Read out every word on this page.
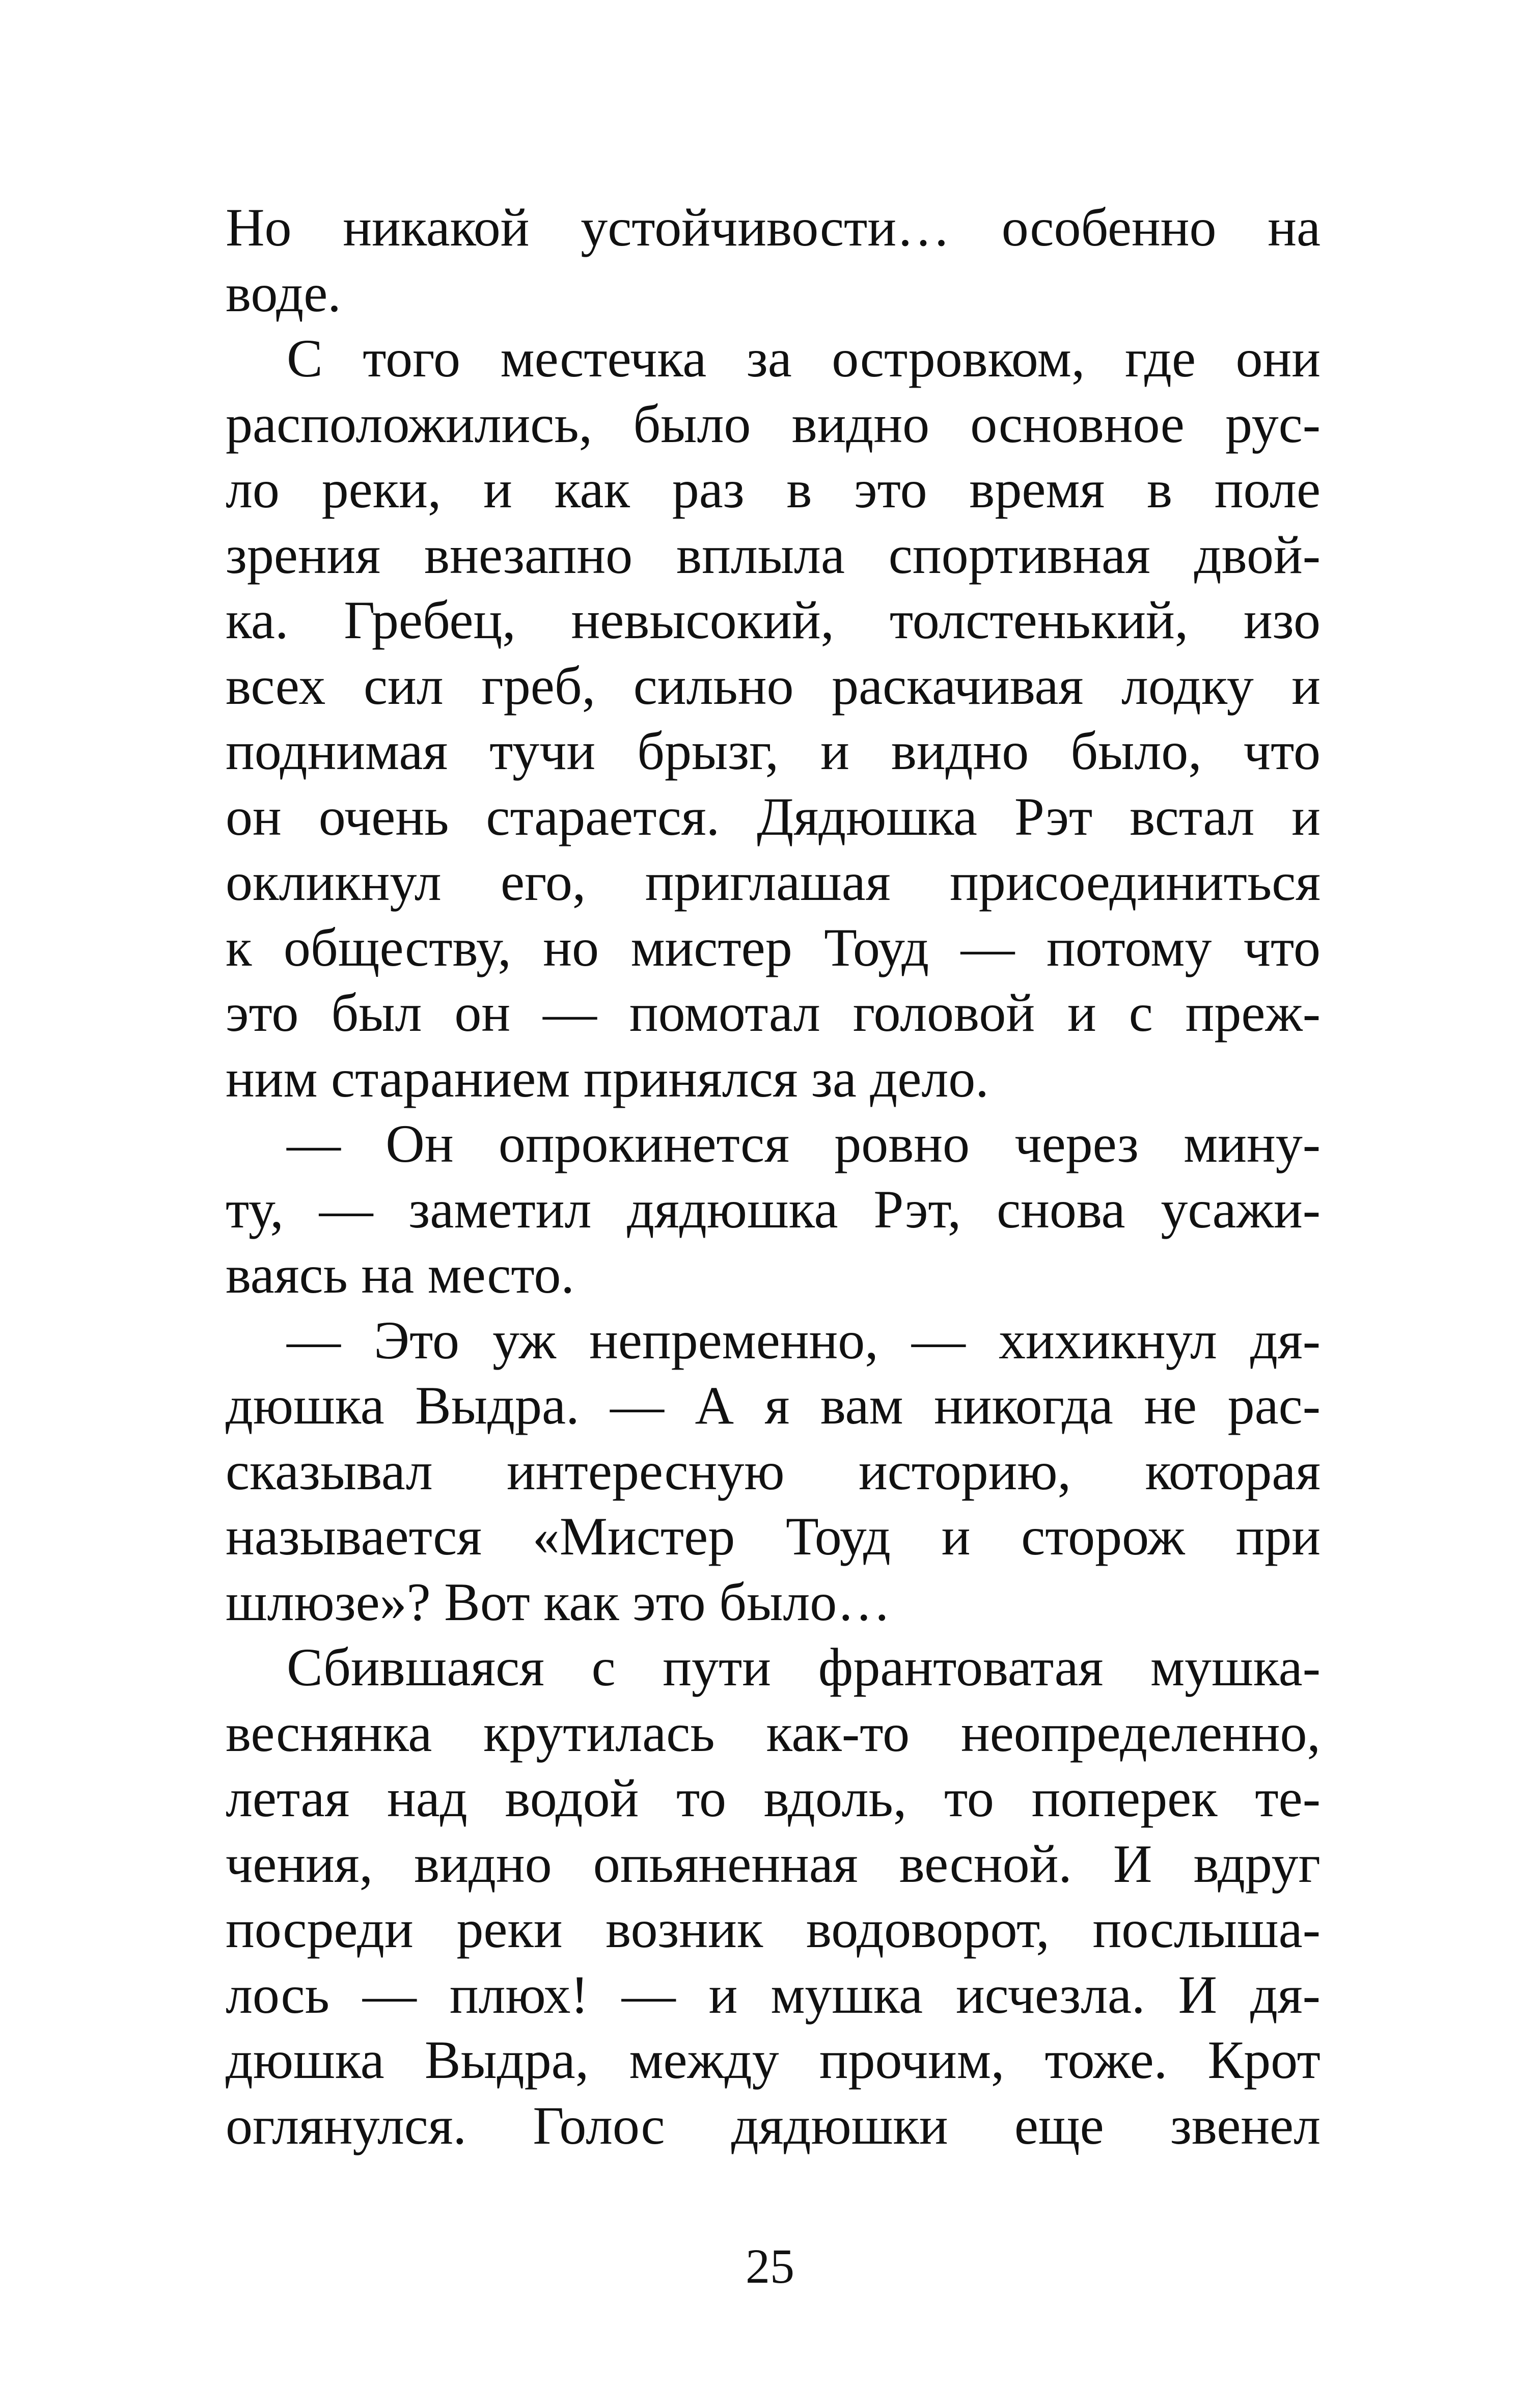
Но никакой устойчивости… особенно на
воде.
С того местечка за островком, где они
расположились, было видно основное рус-
ло реки, и как раз в это время в поле
зрения внезапно вплыла спортивная двой-
ка. Гребец, невысокий, толстенький, изо
всех сил греб, сильно раскачивая лодку и
поднимая тучи брызг, и видно было, что
он очень старается. Дядюшка Рэт встал и
окликнул его, приглашая присоединиться
к обществу, но мистер Тоуд — потому что
это был он — помотал головой и с преж-
ним старанием принялся за дело.
— Он опрокинется ровно через мину-
ту, — заметил дядюшка Рэт, снова усажи-
ваясь на место.
— Это уж непременно, — хихикнул дя-
дюшка Выдра. — А я вам никогда не рас-
сказывал интересную историю, которая
называется «Мистер Тоуд и сторож при
шлюзе»? Вот как это было…
Сбившаяся с пути франтоватая мушка-
веснянка крутилась как-то неопределенно,
летая над водой то вдоль, то поперек те-
чения, видно опьяненная весной. И вдруг
посреди реки возник водоворот, послыша-
лось — плюх! — и мушка исчезла. И дя-
дюшка Выдра, между прочим, тоже. Крот
оглянулся. Голос дядюшки еще звенел
25
